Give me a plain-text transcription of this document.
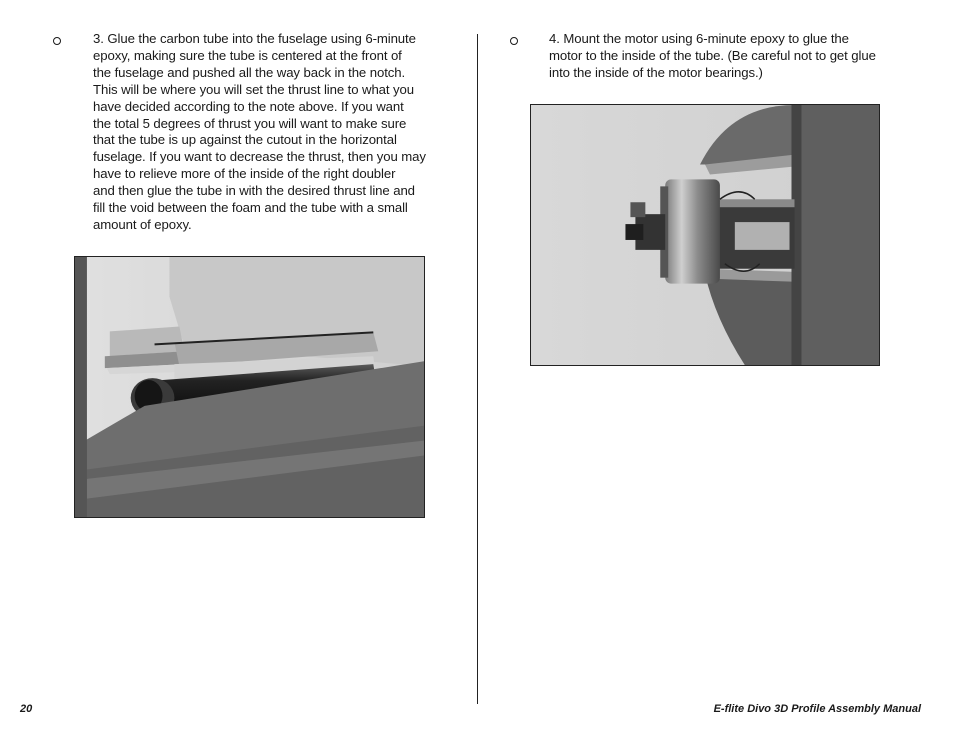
3. Glue the carbon tube into the fuselage using 6-minute
epoxy, making sure the tube is centered at the front of
the fuselage and pushed all the way back in the notch.
This will be where you will set the thrust line to what you
have decided according to the note above. If you want
the total 5 degrees of thrust you will want to make sure
that the tube is up against the cutout in the horizontal
fuselage. If you want to decrease the thrust, then you may
have to relieve more of the inside of the right doubler
and then glue the tube in with the desired thrust line and
fill the void between the foam and the tube with a small
amount of epoxy.
4. Mount the motor using 6-minute epoxy to glue the
motor to the inside of the tube. (Be careful not to get glue
into the inside of the motor bearings.)
20	E-flite Divo 3D Profile Assembly Manual
